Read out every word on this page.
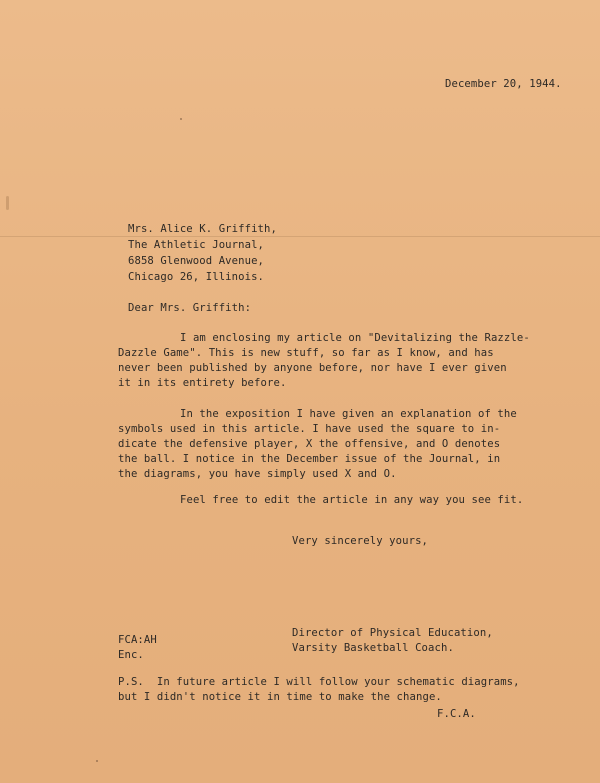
December 20, 1944.
Mrs. Alice K. Griffith,
The Athletic Journal,
6858 Glenwood Avenue,
Chicago 26, Illinois.
Dear Mrs. Griffith:
I am enclosing my article on "Devitalizing the Razzle-
Dazzle Game". This is new stuff, so far as I know, and has
never been published by anyone before, nor have I ever given
it in its entirety before.
In the exposition I have given an explanation of the
symbols used in this article. I have used the square to in-
dicate the defensive player, X the offensive, and O denotes
the ball. I notice in the December issue of the Journal, in
the diagrams, you have simply used X and O.
Feel free to edit the article in any way you see fit.
Very sincerely yours,
Director of Physical Education,
Varsity Basketball Coach.
FCA:AH
Enc.
P.S.  In future article I will follow your schematic diagrams,
but I didn't notice it in time to make the change.
F.C.A.
